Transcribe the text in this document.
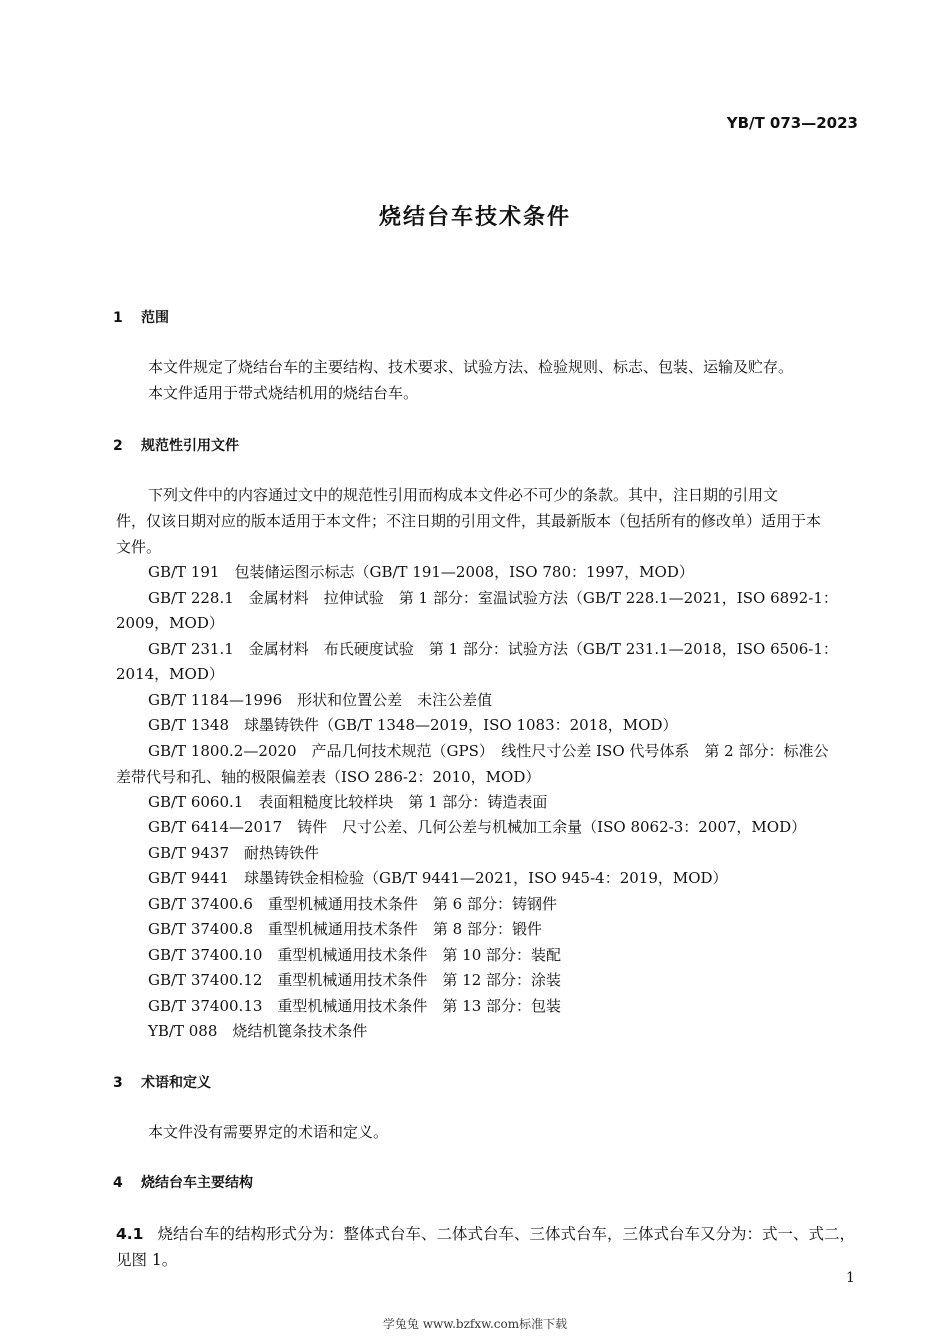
YB/T 073—2023
烧结台车技术条件
1 范围
本文件规定了烧结台车的主要结构、技术要求、试验方法、检验规则、标志、包装、运输及贮存。
本文件适用于带式烧结机用的烧结台车。
2 规范性引用文件
下列文件中的内容通过文中的规范性引用而构成本文件必不可少的条款。其中，注日期的引用文
件，仅该日期对应的版本适用于本文件；不注日期的引用文件，其最新版本（包括所有的修改单）适用于本
文件。
GB/T 191　包装储运图示标志（GB/T 191—2008，ISO 780：1997，MOD）
GB/T 228.1　金属材料　拉伸试验　第 1 部分：室温试验方法（GB/T 228.1—2021，ISO 6892-1：
2009，MOD）
GB/T 231.1　金属材料　布氏硬度试验　第 1 部分：试验方法（GB/T 231.1—2018，ISO 6506-1：
2014，MOD）
GB/T 1184—1996　形状和位置公差　未注公差值
GB/T 1348　球墨铸铁件（GB/T 1348—2019，ISO 1083：2018，MOD）
GB/T 1800.2—2020　产品几何技术规范（GPS）　线性尺寸公差 ISO 代号体系　第 2 部分：标准公
差带代号和孔、轴的极限偏差表（ISO 286-2：2010，MOD）
GB/T 6060.1　表面粗糙度比较样块　第 1 部分：铸造表面
GB/T 6414—2017　铸件　尺寸公差、几何公差与机械加工余量（ISO 8062-3：2007，MOD）
GB/T 9437　耐热铸铁件
GB/T 9441　球墨铸铁金相检验（GB/T 9441—2021，ISO 945-4：2019，MOD）
GB/T 37400.6　重型机械通用技术条件　第 6 部分：铸钢件
GB/T 37400.8　重型机械通用技术条件　第 8 部分：锻件
GB/T 37400.10　重型机械通用技术条件　第 10 部分：装配
GB/T 37400.12　重型机械通用技术条件　第 12 部分：涂装
GB/T 37400.13　重型机械通用技术条件　第 13 部分：包装
YB/T 088　烧结机篦条技术条件
3 术语和定义
本文件没有需要界定的术语和定义。
4 烧结台车主要结构
4.1 烧结台车的结构形式分为：整体式台车、二体式台车、三体式台车，三体式台车又分为：式一、式二，
见图 1。
1
学兔兔 www.bzfxw.com标准下载
